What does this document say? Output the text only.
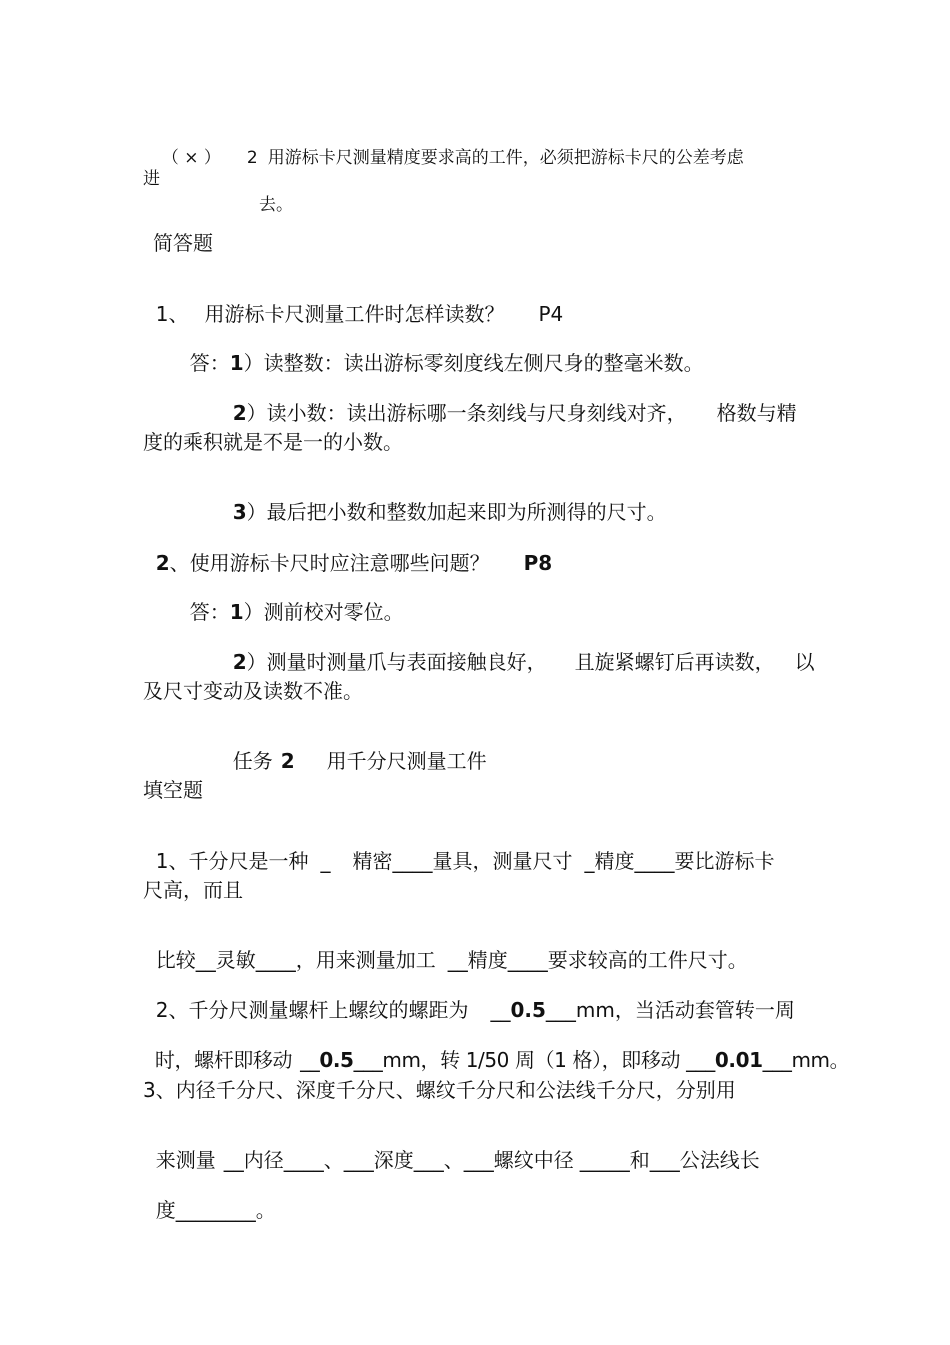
（ × ） 2 用游标卡尺测量精度要求高的工件，必须把游标卡尺的公差考虑

进
去。
简答题

1、 用游标卡尺测量工件时怎样读数？ P4

答：1）读整数：读出游标零刻度线左侧尺身的整毫米数。

2）读小数：读出游标哪一条刻线与尺身刻线对齐， 格数与精

度的乘积就是不是一的小数。

3）最后把小数和整数加起来即为所测得的尺寸。

2、使用游标卡尺时应注意哪些问题？ P8

答：1）测前校对零位。

2）测量时测量爪与表面接触良好， 且旋紧螺钉后再读数， 以

及尺寸变动及读数不准。

任务 2 用千分尺测量工件

填空题

1、千分尺是一种 _ 精密____量具，测量尺寸 _精度____要比游标卡

尺高，而且

比较__灵敏____，用来测量加工 __精度____要求较高的工件尺寸。

2、千分尺测量螺杆上螺纹的螺距为 __0.5___mm，当活动套管转一周

时，螺杆即移动 __0.5___mm，转 1/50 周（1 格），即移动 ___0.01___mm。

3、内径千分尺、深度千分尺、螺纹千分尺和公法线千分尺，分别用

来测量 __内径____、___深度___、___螺纹中径 _____和___公法线长

度________。
